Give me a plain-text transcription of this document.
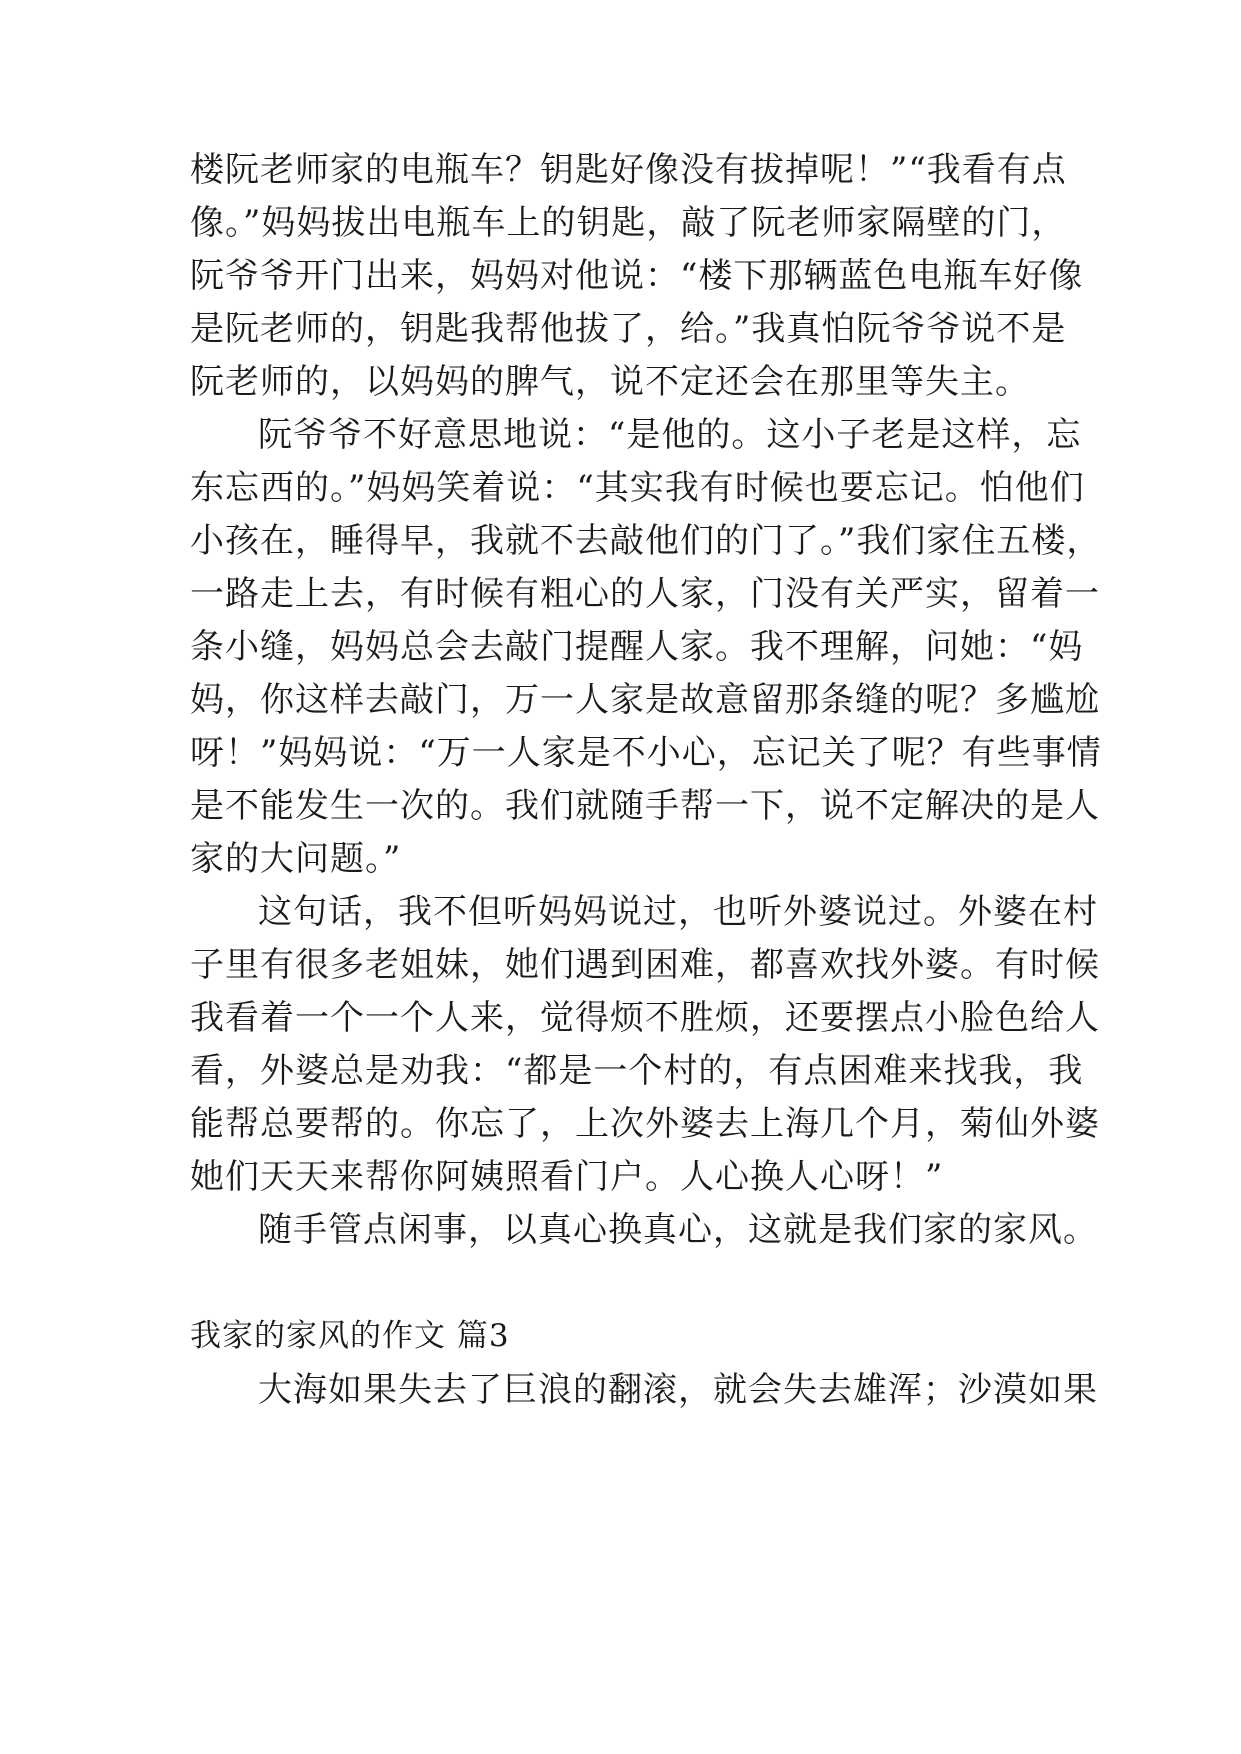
楼阮老师家的电瓶车？钥匙好像没有拔掉呢！”“我看有点
像。”妈妈拔出电瓶车上的钥匙，敲了阮老师家隔壁的门，
阮爷爷开门出来，妈妈对他说：“楼下那辆蓝色电瓶车好像
是阮老师的，钥匙我帮他拔了，给。”我真怕阮爷爷说不是
阮老师的，以妈妈的脾气，说不定还会在那里等失主。
阮爷爷不好意思地说：“是他的。这小子老是这样，忘
东忘西的。”妈妈笑着说：“其实我有时候也要忘记。怕他们
小孩在，睡得早，我就不去敲他们的门了。”我们家住五楼，
一路走上去，有时候有粗心的人家，门没有关严实，留着一
条小缝，妈妈总会去敲门提醒人家。我不理解，问她：“妈
妈，你这样去敲门，万一人家是故意留那条缝的呢？多尴尬
呀！”妈妈说：“万一人家是不小心，忘记关了呢？有些事情
是不能发生一次的。我们就随手帮一下，说不定解决的是人
家的大问题。”
这句话，我不但听妈妈说过，也听外婆说过。外婆在村
子里有很多老姐妹，她们遇到困难，都喜欢找外婆。有时候
我看着一个一个人来，觉得烦不胜烦，还要摆点小脸色给人
看，外婆总是劝我：“都是一个村的，有点困难来找我，我
能帮总要帮的。你忘了，上次外婆去上海几个月，菊仙外婆
她们天天来帮你阿姨照看门户。人心换人心呀！”
随手管点闲事，以真心换真心，这就是我们家的家风。
我家的家风的作文 篇3
大海如果失去了巨浪的翻滚，就会失去雄浑；沙漠如果
